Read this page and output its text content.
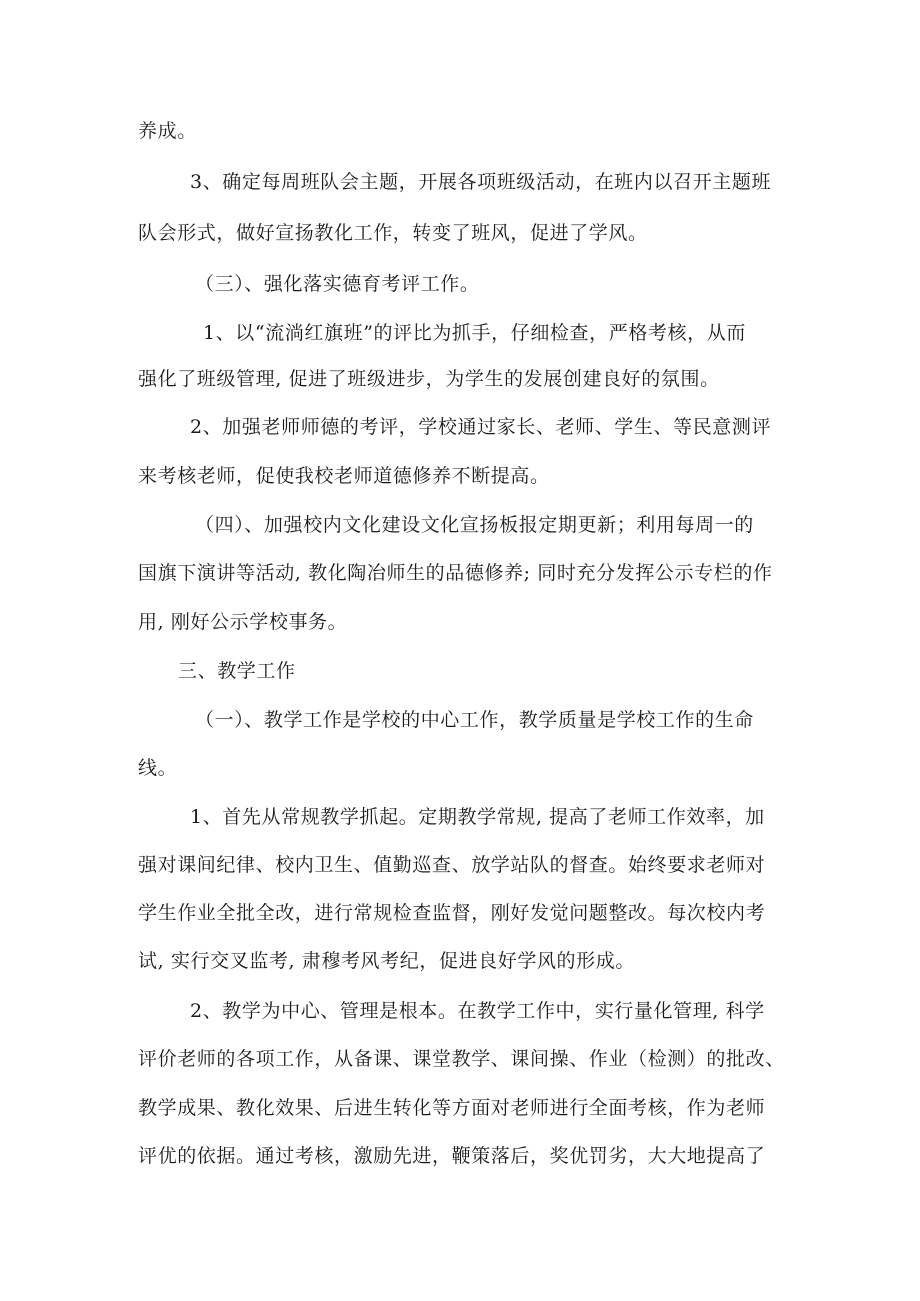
养成。
3、确定每周班队会主题，开展各项班级活动，在班内以召开主题班
队会形式，做好宣扬教化工作，转变了班风，促进了学风。
（三）、强化落实德育考评工作。
1、以“流淌红旗班”的评比为抓手，仔细检查，严格考核，从而
强化了班级管理, 促进了班级进步，为学生的发展创建良好的氛围。
2、加强老师师德的考评，学校通过家长、老师、学生、等民意测评
来考核老师，促使我校老师道德修养不断提高。
（四）、加强校内文化建设文化宣扬板报定期更新；利用每周一的
国旗下演讲等活动, 教化陶冶师生的品德修养; 同时充分发挥公示专栏的作
用, 刚好公示学校事务。
三、教学工作
（一）、教学工作是学校的中心工作，教学质量是学校工作的生命
线。
1、首先从常规教学抓起。定期教学常规, 提高了老师工作效率，加
强对课间纪律、校内卫生、值勤巡查、放学站队的督查。始终要求老师对
学生作业全批全改，进行常规检查监督，刚好发觉问题整改。每次校内考
试, 实行交叉监考, 肃穆考风考纪，促进良好学风的形成。
2、教学为中心、管理是根本。在教学工作中，实行量化管理, 科学
评价老师的各项工作，从备课、课堂教学、课间操、作业（检测）的批改、
教学成果、教化效果、后进生转化等方面对老师进行全面考核，作为老师
评优的依据。通过考核，激励先进，鞭策落后，奖优罚劣，大大地提高了
